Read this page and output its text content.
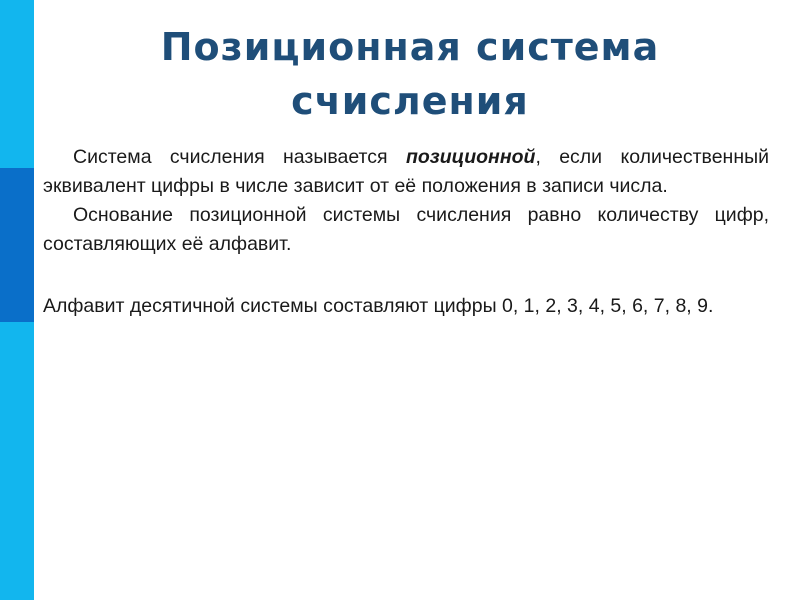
Позиционная система
счисления

Система счисления называется позиционной, если количественный эквивалент цифры в числе зависит от её положения в записи числа.

Основание позиционной системы счисления равно количеству цифр, составляющих её алфавит.

Алфавит десятичной системы составляют цифры 0, 1, 2, 3, 4, 5, 6, 7, 8, 9.
